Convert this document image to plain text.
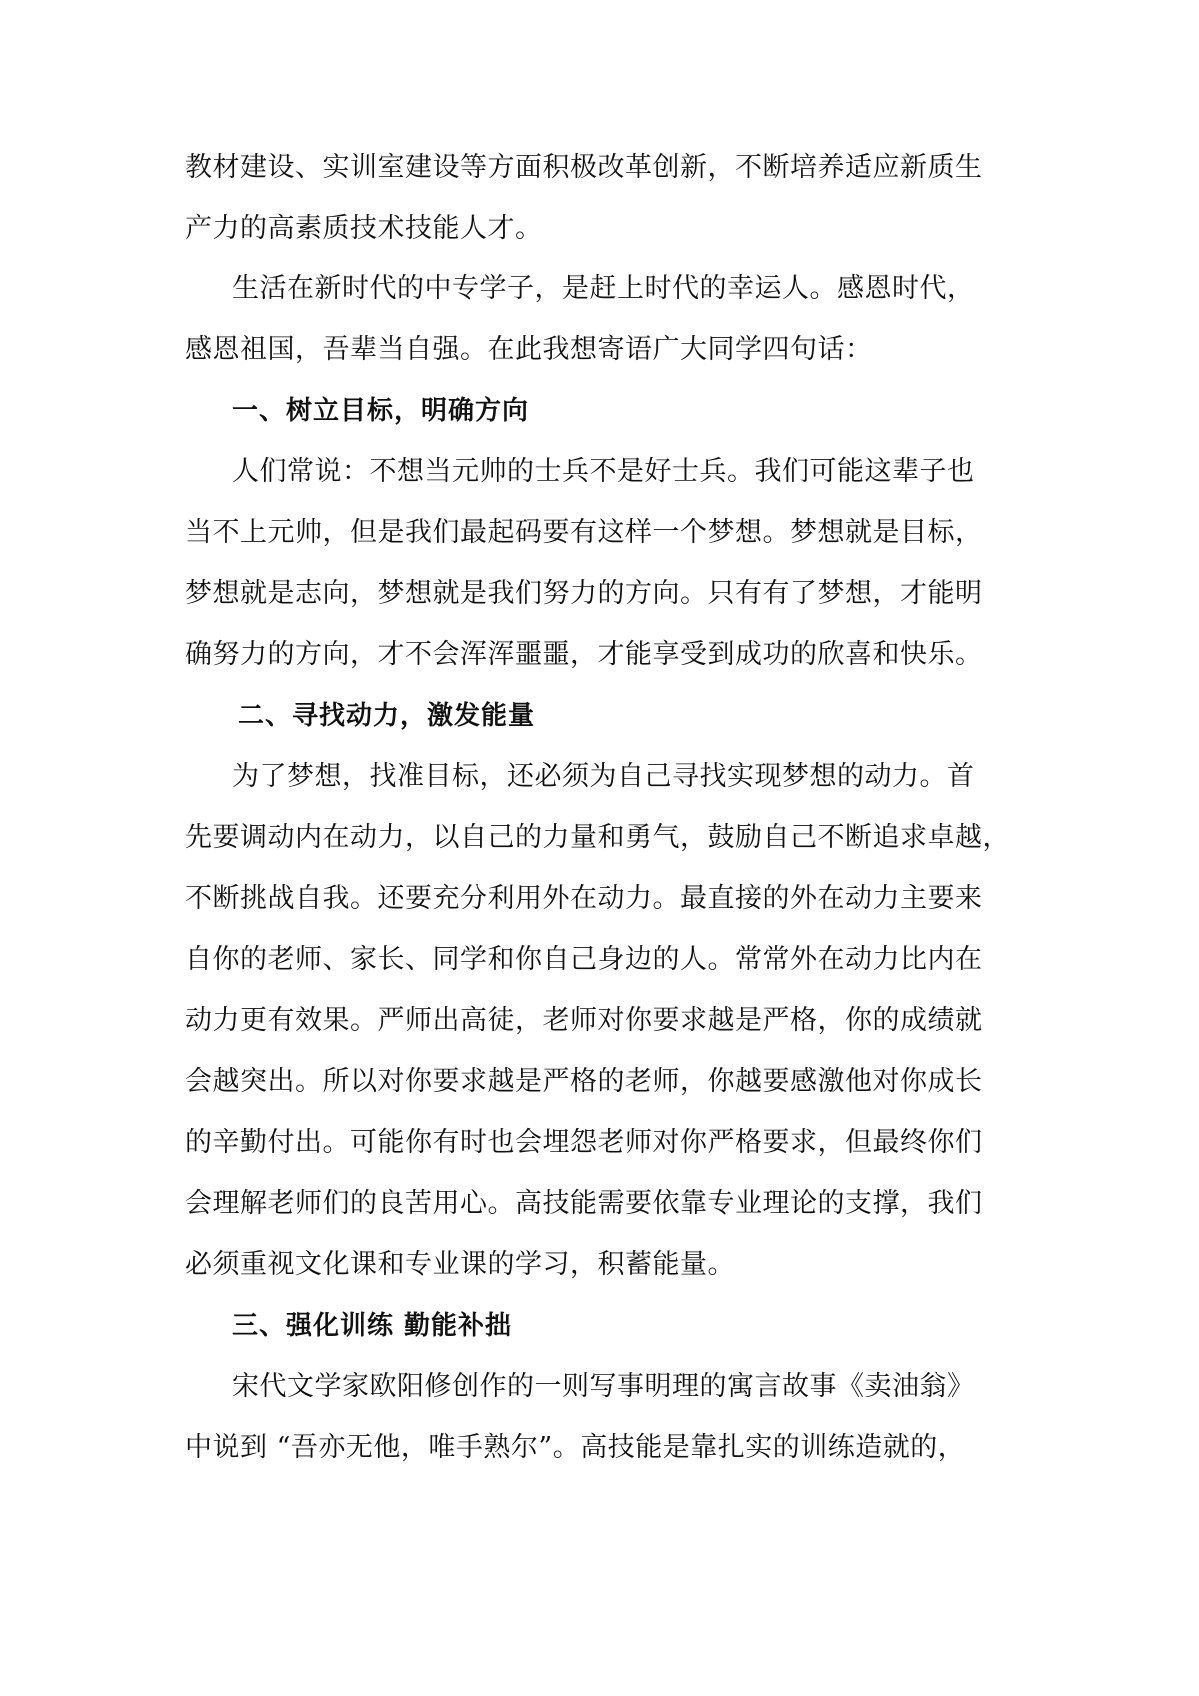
教材建设、实训室建设等方面积极改革创新，不断培养适应新质生
产力的高素质技术技能人才。
生活在新时代的中专学子，是赶上时代的幸运人。感恩时代，
感恩祖国，吾辈当自强。在此我想寄语广大同学四句话：
一、树立目标，明确方向
人们常说：不想当元帅的士兵不是好士兵。我们可能这辈子也
当不上元帅，但是我们最起码要有这样一个梦想。梦想就是目标，
梦想就是志向，梦想就是我们努力的方向。只有有了梦想，才能明
确努力的方向，才不会浑浑噩噩，才能享受到成功的欣喜和快乐。
二、寻找动力，激发能量
为了梦想，找准目标，还必须为自己寻找实现梦想的动力。首
先要调动内在动力，以自己的力量和勇气，鼓励自己不断追求卓越，
不断挑战自我。还要充分利用外在动力。最直接的外在动力主要来
自你的老师、家长、同学和你自己身边的人。常常外在动力比内在
动力更有效果。严师出高徒，老师对你要求越是严格，你的成绩就
会越突出。所以对你要求越是严格的老师，你越要感激他对你成长
的辛勤付出。可能你有时也会埋怨老师对你严格要求，但最终你们
会理解老师们的良苦用心。高技能需要依靠专业理论的支撑，我们
必须重视文化课和专业课的学习，积蓄能量。
三、强化训练 勤能补拙
宋代文学家欧阳修创作的一则写事明理的寓言故事《卖油翁》
中说到 “吾亦无他，唯手熟尔”。高技能是靠扎实的训练造就的，
